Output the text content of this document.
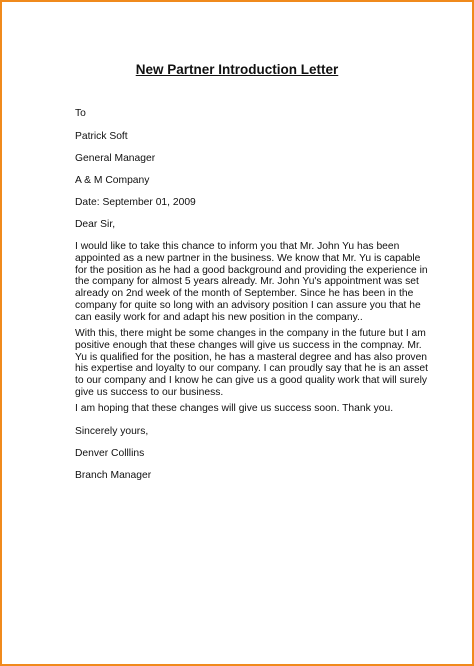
New Partner Introduction Letter
To
Patrick Soft
General Manager
A & M Company
Date: September 01, 2009
Dear Sir,

I would like to take this chance to inform you that Mr. John Yu has been

appointed as a new partner in the business. We know that Mr. Yu is capable

for the position as he had a good background and providing the experience in

the company for almost 5 years already. Mr. John Yu's appointment was set

already on 2nd week of the month of September. Since he has been in the

company for quite so long with an advisory position I can assure you that he

can easily work for and adapt his new position in the company..

With this, there might be some changes in the company in the future but I am

positive enough that these changes will give us success in the compnay. Mr.

Yu is qualified for the position, he has a masteral degree and has also proven

his expertise and loyalty to our company. I can proudly say that he is an asset

to our company and I know he can give us a good quality work that will surely

give us success to our business.

I am hoping that these changes will give us success soon. Thank you.
Sincerely yours,
Denver Colllins
Branch Manager
